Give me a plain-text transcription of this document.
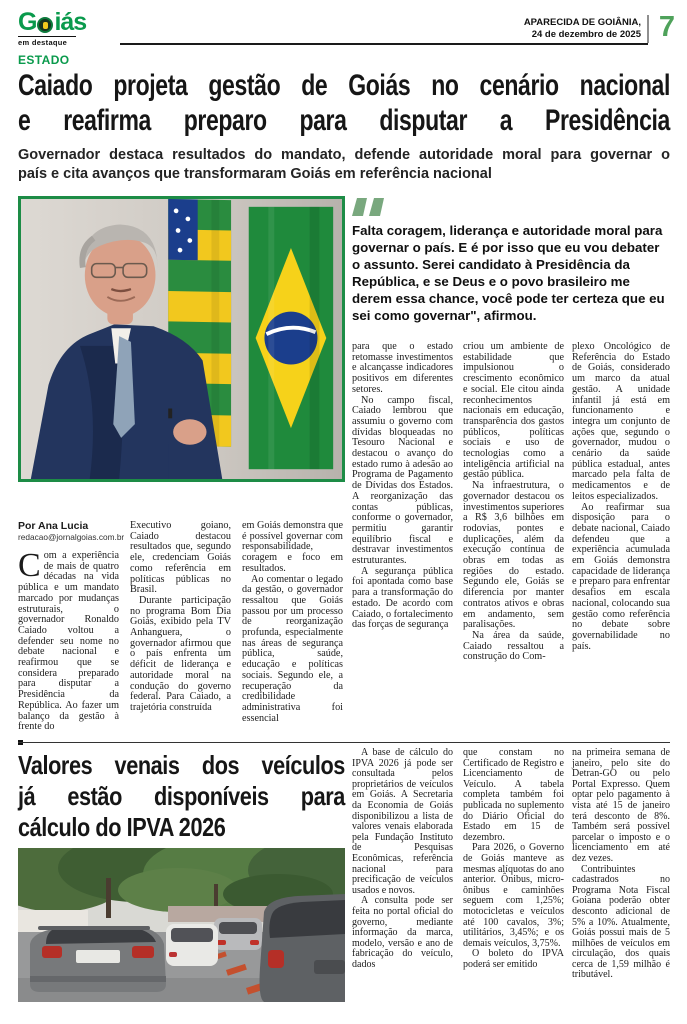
G iás
em destaque
APARECIDA DE GOIÂNIA,
24 de dezembro de 2025 7
ESTADO
Caiado projeta gestão de Goiás no cenário nacional
e reafirma preparo para disputar a Presidência
Governador destaca resultados do mandato, defende autoridade moral para governar o
país e cita avanços que transformaram Goiás em referência nacional
Falta coragem, liderança e autoridade moral para governar o país. E é por isso que eu vou debater o assunto. Serei candidato à Presidência da República, e se Deus e o povo brasileiro me derem essa chance, você pode ter certeza que eu sei como governar", afirmou.
Por Ana Lucia
redacao@jornalgoias.com.br

Com a experiência de mais de quatro décadas na vida pública e um mandato marcado por mudanças estruturais, o governador Ronaldo Caiado voltou a defender seu nome no debate nacional e reafirmou que se considera preparado para disputar a Presidência da República. Ao fazer um balanço da gestão à frente do

Executivo goiano, Caiado destacou resultados que, segundo ele, credenciam Goiás como referência em políticas públicas no Brasil.

Durante participação no programa Bom Dia Goiás, exibido pela TV Anhanguera, o governador afirmou que o país enfrenta um déficit de liderança e autoridade moral na condução do governo federal. Para Caiado, a trajetória construída

em Goiás demonstra que é possível governar com responsabilidade, coragem e foco em resultados.

Ao comentar o legado da gestão, o governador ressaltou que Goiás passou por um processo de reorganização profunda, especialmente nas áreas de segurança pública, saúde, educação e políticas sociais. Segundo ele, a recuperação da credibilidade administrativa foi essencial

para que o estado retomasse investimentos e alcançasse indicadores positivos em diferentes setores.

No campo fiscal, Caiado lembrou que assumiu o governo com dívidas bloqueadas no Tesouro Nacional e destacou o avanço do estado rumo à adesão ao Programa de Pagamento de Dívidas dos Estados. A reorganização das contas públicas, conforme o governador, permitiu garantir equilíbrio fiscal e destravar investimentos estruturantes.

A segurança pública foi apontada como base para a transformação do estado. De acordo com Caiado, o fortalecimento das forças de segurança

criou um ambiente de estabilidade que impulsionou o crescimento econômico e social. Ele citou ainda reconhecimentos nacionais em educação, transparência dos gastos públicos, políticas sociais e uso de tecnologias como a inteligência artificial na gestão pública.

Na infraestrutura, o governador destacou os investimentos superiores a R$ 3,6 bilhões em rodovias, pontes e duplicações, além da execução contínua de obras em todas as regiões do estado. Segundo ele, Goiás se diferencia por manter contratos ativos e obras em andamento, sem paralisações.

Na área da saúde, Caiado ressaltou a construção do Com-

plexo Oncológico de Referência do Estado de Goiás, considerado um marco da atual gestão. A unidade infantil já está em funcionamento e integra um conjunto de ações que, segundo o governador, mudou o cenário da saúde pública estadual, antes marcado pela falta de medicamentos e de leitos especializados.

Ao reafirmar sua disposição para o debate nacional, Caiado defendeu que a experiência acumulada em Goiás demonstra capacidade de liderança e preparo para enfrentar desafios em escala nacional, colocando sua gestão como referência no debate sobre governabilidade no país.

Valores venais dos veículos
já estão disponíveis para
cálculo do IPVA 2026

A base de cálculo do IPVA 2026 já pode ser consultada pelos proprietários de veículos em Goiás. A Secretaria da Economia de Goiás disponibilizou a lista de valores venais elaborada pela Fundação Instituto de Pesquisas Econômicas, referência nacional para precificação de veículos usados e novos.

A consulta pode ser feita no portal oficial do governo, mediante informação da marca, modelo, versão e ano de fabricação do veículo, dados

que constam no Certificado de Registro e Licenciamento de Veículo. A tabela completa também foi publicada no suplemento do Diário Oficial do Estado em 15 de dezembro.

Para 2026, o Governo de Goiás manteve as mesmas alíquotas do ano anterior. Ônibus, micro-ônibus e caminhões seguem com 1,25%; motocicletas e veículos até 100 cavalos, 3%; utilitários, 3,45%; e os demais veículos, 3,75%.

O boleto do IPVA poderá ser emitido

na primeira semana de janeiro, pelo site do Detran-GO ou pelo Portal Expresso. Quem optar pelo pagamento à vista até 15 de janeiro terá desconto de 8%. Também será possível parcelar o imposto e o licenciamento em até dez vezes.

Contribuintes cadastrados no Programa Nota Fiscal Goiana poderão obter desconto adicional de 5% a 10%. Atualmente, Goiás possui mais de 5 milhões de veículos em circulação, dos quais cerca de 1,59 milhão é tributável.
